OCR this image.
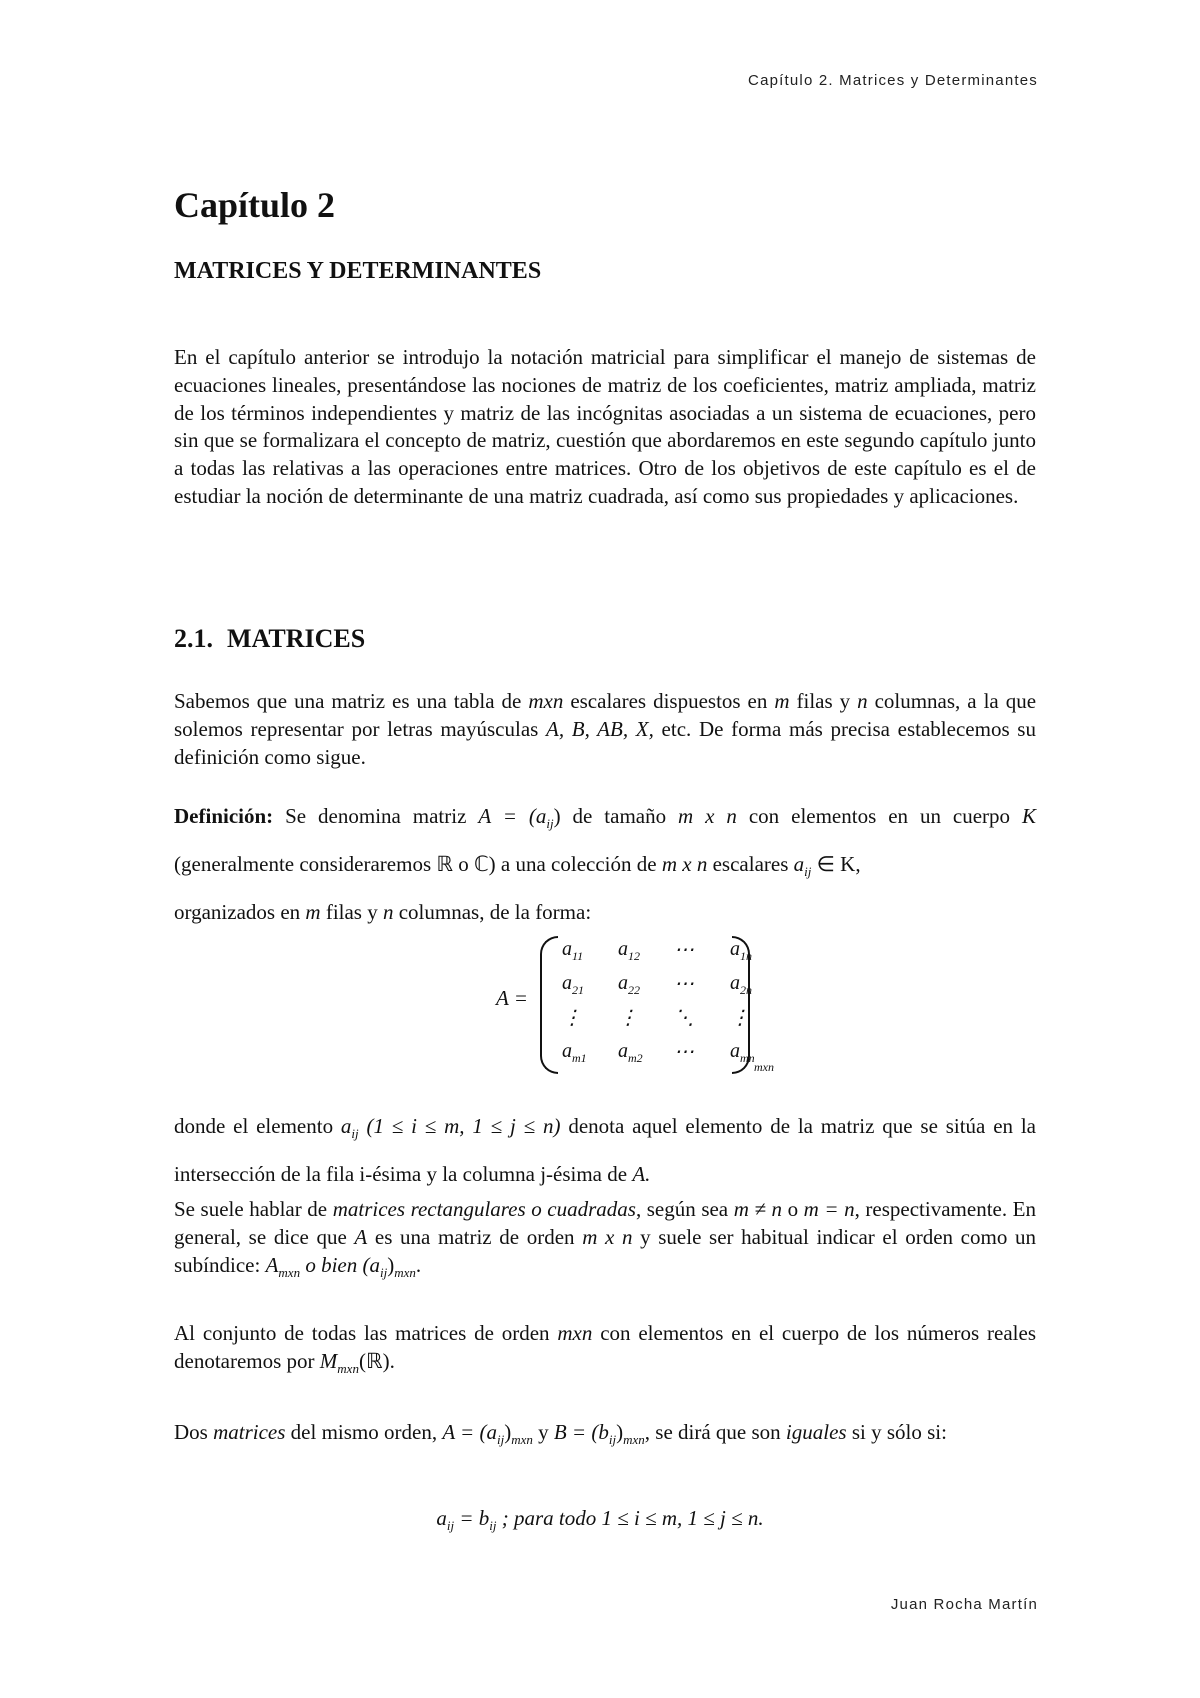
Capítulo 2. Matrices y Determinantes
Capítulo 2
MATRICES Y DETERMINANTES
En el capítulo anterior se introdujo la notación matricial para simplificar el manejo de sistemas de ecuaciones lineales, presentándose las nociones de matriz de los coeficientes, matriz ampliada, matriz de los términos independientes y matriz de las incógnitas asociadas a un sistema de ecuaciones, pero sin que se formalizara el concepto de matriz, cuestión que abordaremos en este segundo capítulo junto a todas las relativas a las operaciones entre matrices. Otro de los objetivos de este capítulo es el de estudiar la noción de determinante de una matriz cuadrada, así como sus propiedades y aplicaciones.
2.1. MATRICES
Sabemos que una matriz es una tabla de mxn escalares dispuestos en m filas y n columnas, a la que solemos representar por letras mayúsculas A, B, AB, X, etc. De forma más precisa establecemos su definición como sigue.
Definición: Se denomina matriz $A = (a_{ij})$ de tamaño m x n con elementos en un cuerpo K (generalmente consideraremos ℝ o ℂ) a una colección de m x n escalares $a_{ij}$ ∈ K,
organizados en m filas y n columnas, de la forma:
A =
$a_{11}$	$a_{12}$	⋯	$a_{1n}$
$a_{21}$	$a_{22}$	⋯	$a_{2n}$
⋮	⋮	⋱	⋮
$a_{m1}$	$a_{m2}$	⋯	$a_{mn}$
mxn
donde el elemento $a_{ij}$ (1 ≤ i ≤ m, 1 ≤ j ≤ n) denota aquel elemento de la matriz que se sitúa en la intersección de la fila i-ésima y la columna j-ésima de A.
Se suele hablar de matrices rectangulares o cuadradas, según sea m ≠ n o m = n, respectivamente. En general, se dice que A es una matriz de orden m x n y suele ser habitual indicar el orden como un subíndice: $A_{mxn}$ o bien $(a_{ij})_{mxn}$.
Al conjunto de todas las matrices de orden mxn con elementos en el cuerpo de los números reales denotaremos por $M_{mxn}(ℝ)$.
Dos matrices del mismo orden, $A = (a_{ij})_{mxn}$ y $B = (b_{ij})_{mxn}$, se dirá que son iguales si y sólo si:
$a_{ij} = b_{ij}$ ; para todo 1 ≤ i ≤ m, 1 ≤ j ≤ n.
Juan Rocha Martín
